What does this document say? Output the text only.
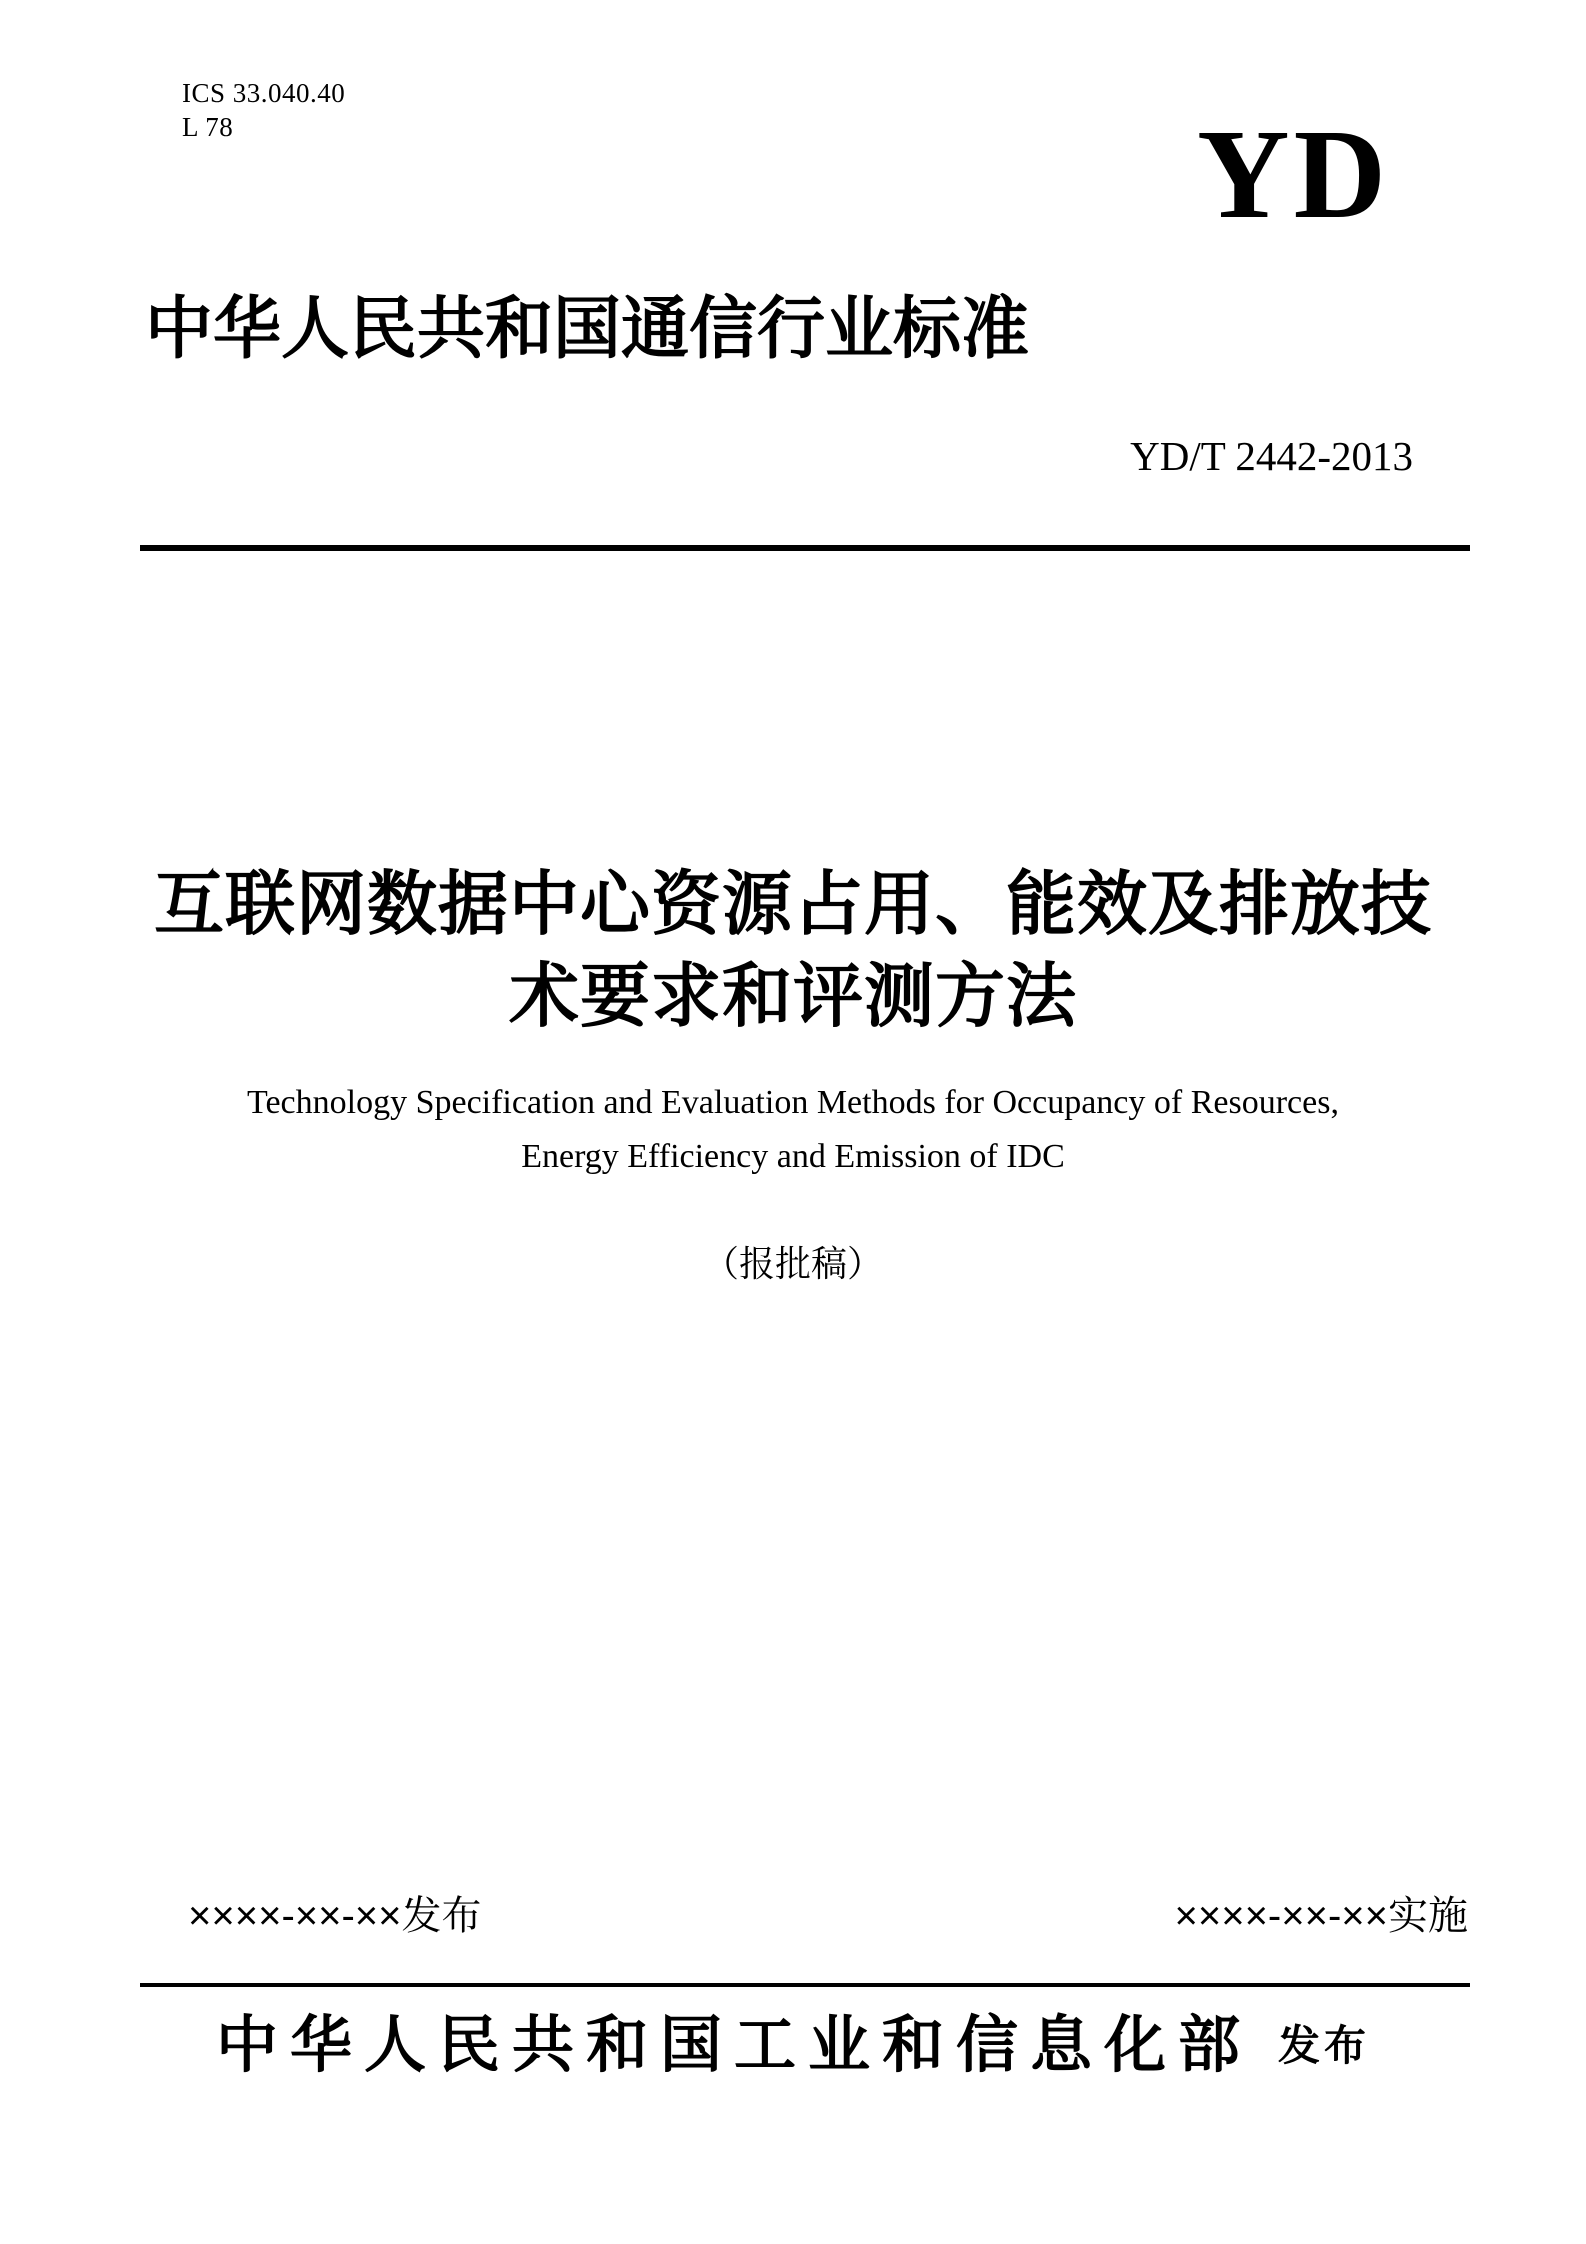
ICS 33.040.40
L 78	YD
中华人民共和国通信行业标准
YD/T 2442-2013
互联网数据中心资源占用、能效及排放技
术要求和评测方法
Technology Specification and Evaluation Methods for Occupancy of Resources,
Energy Efficiency and Emission of IDC
（报批稿）
××××-××-××发布	××××-××-××实施
中华人民共和国工业和信息化部 发布
